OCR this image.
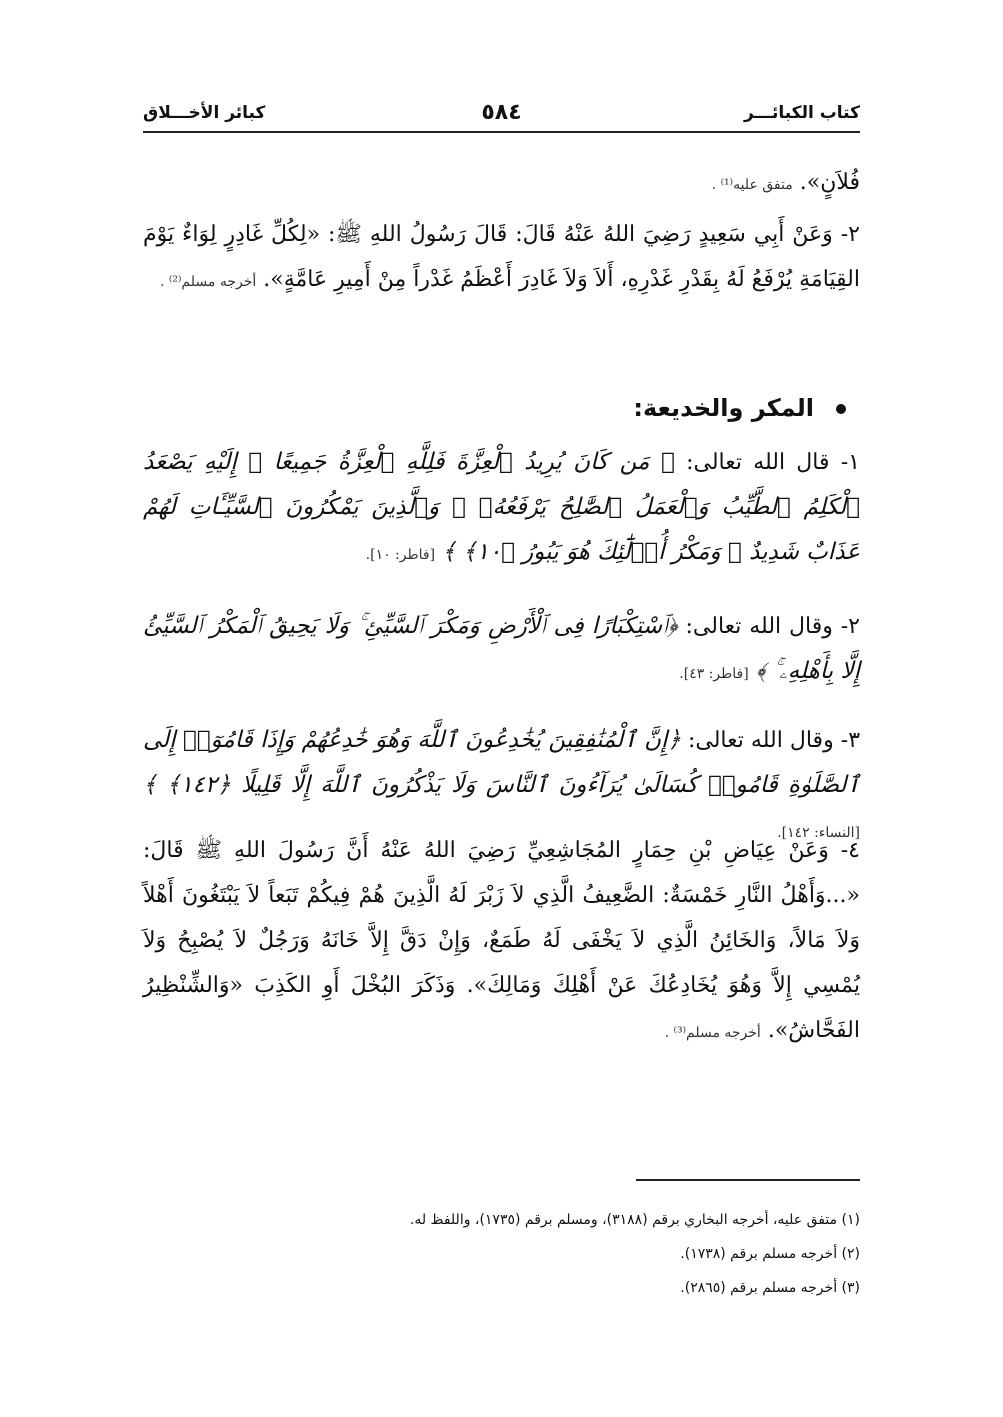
كتاب الكبائـــر
٥٨٤
كبائر الأخـــلاق

فُلاَنٍ». متفق عليه⁽¹⁾ .

٢- وَعَنْ أَبِي سَعِيدٍ رَضِيَ اللهُ عَنْهُ قَالَ: قَالَ رَسُولُ اللهِ ﷺ: «لِكُلِّ غَادِرٍ لِوَاءٌ يَوْمَ القِيَامَةِ يُرْفَعُ لَهُ بِقَدْرِ غَدْرِهِ، أَلاَ وَلاَ غَادِرَ أَعْظَمُ غَدْراً مِنْ أَمِيرِ عَامَّةٍ». أخرجه مسلم⁽²⁾ .

المكر والخديعة:

١- قال الله تعالى: ﴿ مَن كَانَ يُرِيدُ ٱلْعِزَّةَ فَلِلَّهِ ٱلْعِزَّةُ جَمِيعًا ۚ إِلَيْهِ يَصْعَدُ ٱلْكَلِمُ ٱلطَّيِّبُ وَٱلْعَمَلُ ٱلصَّٰلِحُ يَرْفَعُهُۥ ۚ وَٱلَّذِينَ يَمْكُرُونَ ٱلسَّيِّـَٔاتِ لَهُمْ عَذَابٌ شَدِيدٌ ۖ وَمَكْرُ أُو۟لَٰٓئِكَ هُوَ يَبُورُ ﴿١٠﴾ ﴾ [فاطر: ١٠].

٢- وقال الله تعالى: ﴿ٱسْتِكْبَارًا فِى ٱلْأَرْضِ وَمَكْرَ ٱلسَّيِّئِ ۚ وَلَا يَحِيقُ ٱلْمَكْرُ ٱلسَّيِّئُ إِلَّا بِأَهْلِهِۦ ۚ ﴾ [فاطر: ٤٣].

٣- وقال الله تعالى: ﴿إِنَّ ٱلْمُنَٰفِقِينَ يُخَٰدِعُونَ ٱللَّهَ وَهُوَ خَٰدِعُهُمْ وَإِذَا قَامُوٓا۟ إِلَى ٱلصَّلَوٰةِ قَامُوا۟ كُسَالَىٰ يُرَآءُونَ ٱلنَّاسَ وَلَا يَذْكُرُونَ ٱللَّهَ إِلَّا قَلِيلًا ﴿١٤٢﴾ ﴾ [النساء: ١٤٢].

٤- وَعَنْ عِيَاضِ بْنِ حِمَارٍ المُجَاشِعِيِّ رَضِيَ اللهُ عَنْهُ أَنَّ رَسُولَ اللهِ ﷺ قَالَ: «...وَأَهْلُ النَّارِ خَمْسَةٌ: الضَّعِيفُ الَّذِي لاَ زَبْرَ لَهُ الَّذِينَ هُمْ فِيكُمْ تَبَعاً لاَ يَبْتَغُونَ أَهْلاً وَلاَ مَالاً، وَالخَائِنُ الَّذِي لاَ يَخْفَى لَهُ طَمَعٌ، وَإِنْ دَقَّ إِلاَّ خَانَهُ وَرَجُلٌ لاَ يُصْبِحُ وَلاَ يُمْسِي إِلاَّ وَهُوَ يُخَادِعُكَ عَنْ أَهْلِكَ وَمَالِكَ». وَذَكَرَ البُخْلَ أَوِ الكَذِبَ «وَالشِّنْظِيرُ الفَحَّاشُ». أخرجه مسلم⁽³⁾ .

(١) متفق عليه، أخرجه البخاري برقم (٣١٨٨)، ومسلم برقم (١٧٣٥)، واللفظ له.
(٢) أخرجه مسلم برقم (١٧٣٨).
(٣) أخرجه مسلم برقم (٢٨٦٥).
